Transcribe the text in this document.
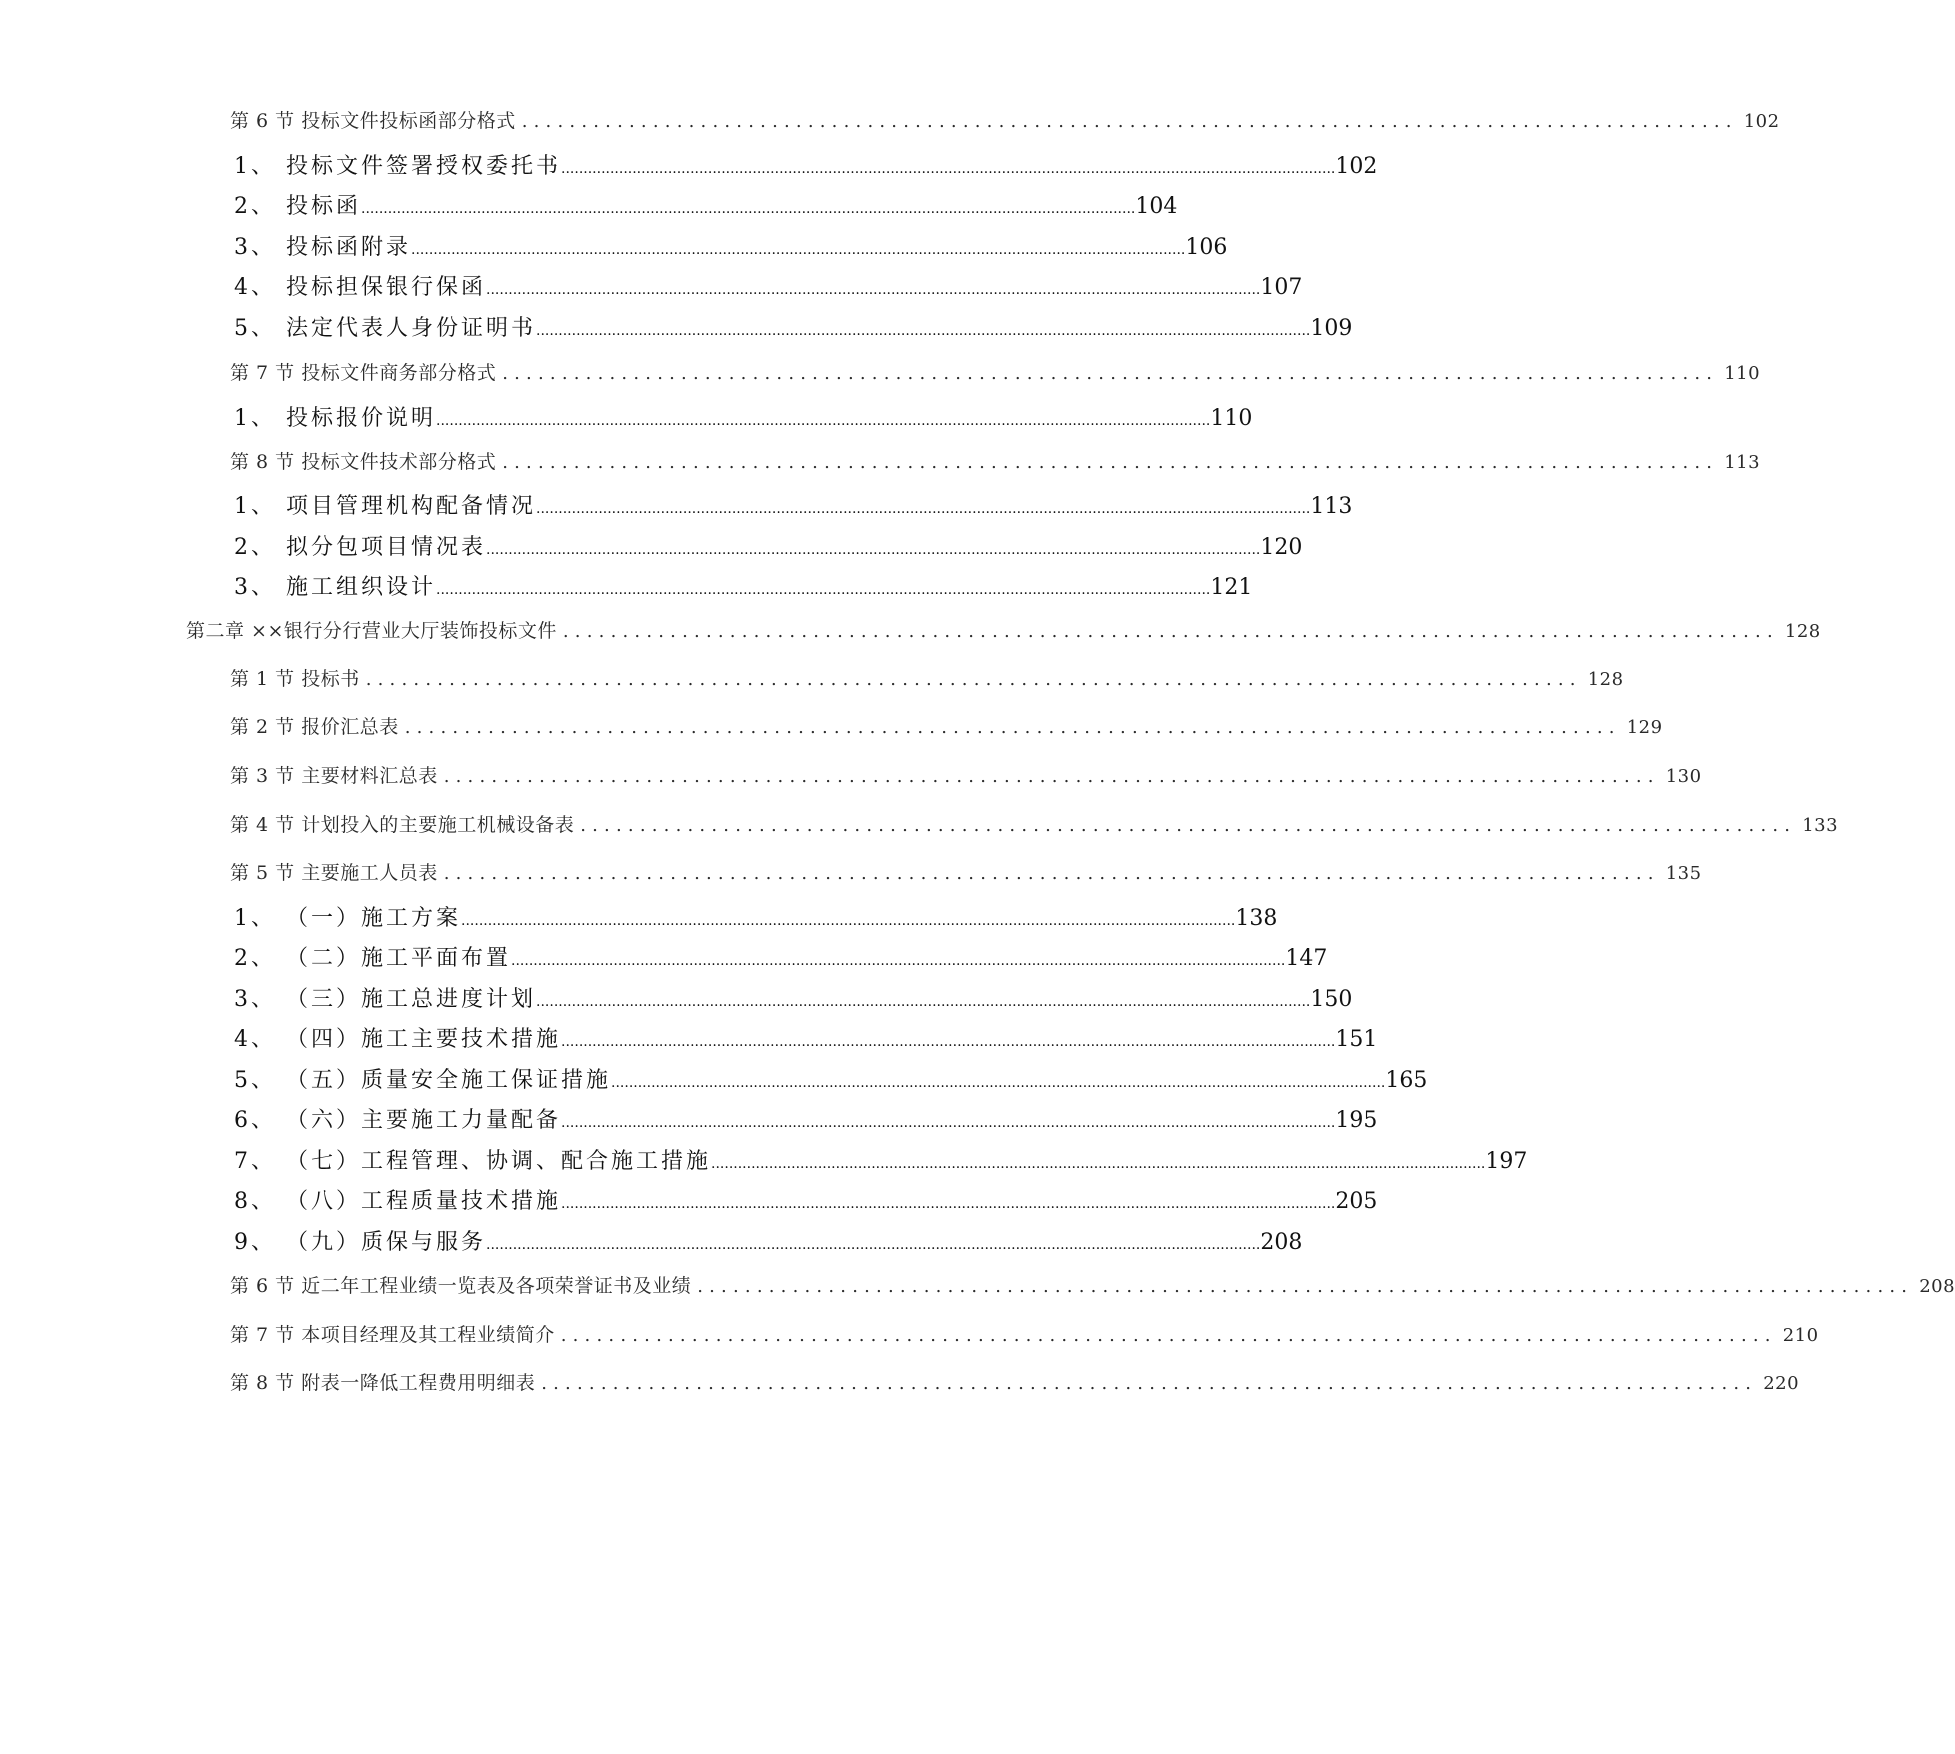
第 6 节 投标文件投标函部分格式 ...................................................................................................... 102
1、 投标文件签署授权委托书 .............................................................................................................................................................................. 102
2、 投标函 .............................................................................................................................................................................. 104
3、 投标函附录 .............................................................................................................................................................................. 106
4、 投标担保银行保函 .............................................................................................................................................................................. 107
5、 法定代表人身份证明书 .............................................................................................................................................................................. 109
第 7 节 投标文件商务部分格式 ...................................................................................................... 110
1、 投标报价说明 .............................................................................................................................................................................. 110
第 8 节 投标文件技术部分格式 ...................................................................................................... 113
1、 项目管理机构配备情况 .............................................................................................................................................................................. 113
2、 拟分包项目情况表 .............................................................................................................................................................................. 120
3、 施工组织设计 .............................................................................................................................................................................. 121
第二章 ××银行分行营业大厅装饰投标文件 ...................................................................................................... 128
第 1 节 投标书 ...................................................................................................... 128
第 2 节 报价汇总表 ...................................................................................................... 129
第 3 节 主要材料汇总表 ...................................................................................................... 130
第 4 节 计划投入的主要施工机械设备表 ...................................................................................................... 133
第 5 节 主要施工人员表 ...................................................................................................... 135
1、 （一）施工方案 .............................................................................................................................................................................. 138
2、 （二）施工平面布置 .............................................................................................................................................................................. 147
3、 （三）施工总进度计划 .............................................................................................................................................................................. 150
4、 （四）施工主要技术措施 .............................................................................................................................................................................. 151
5、 （五）质量安全施工保证措施 .............................................................................................................................................................................. 165
6、 （六）主要施工力量配备 .............................................................................................................................................................................. 195
7、 （七）工程管理、协调、配合施工措施 .............................................................................................................................................................................. 197
8、 （八）工程质量技术措施 .............................................................................................................................................................................. 205
9、 （九）质保与服务 .............................................................................................................................................................................. 208
第 6 节 近二年工程业绩一览表及各项荣誉证书及业绩 ...................................................................................................... 208
第 7 节 本项目经理及其工程业绩简介 ...................................................................................................... 210
第 8 节 附表一降低工程费用明细表 ...................................................................................................... 220
